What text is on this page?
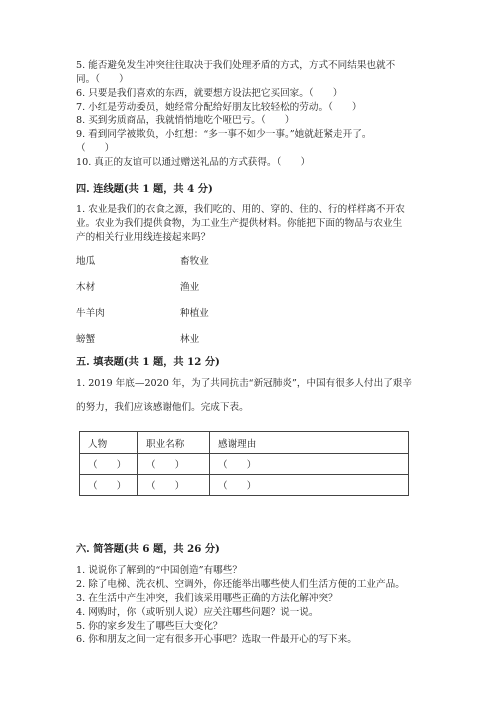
5. 能否避免发生冲突往往取决于我们处理矛盾的方式，方式不同结果也就不
同。（　　）
6. 只要是我们喜欢的东西，就要想方设法把它买回家。（　　）
7. 小红是劳动委员，她经常分配给好朋友比较轻松的劳动。（　　）
8. 买到劣质商品，我就悄悄地吃个哑巴亏。（　　）
9. 看到同学被欺负，小红想：“多一事不如少一事。”她就赶紧走开了。
（　　）
10. 真正的友谊可以通过赠送礼品的方式获得。（　　）
四. 连线题(共 1 题，共 4 分)
1. 农业是我们的衣食之源，我们吃的、用的、穿的、住的、行的样样离不开农
业。农业为我们提供食物，为工业生产提供材料。你能把下面的物品与农业生
产的相关行业用线连接起来吗？
地瓜
木材
牛羊肉
螃蟹
畜牧业
渔业
种植业
林业
五. 填表题(共 1 题，共 12 分)
1. 2019 年底—2020 年，为了共同抗击“新冠肺炎”，中国有很多人付出了艰辛
的努力，我们应该感谢他们。完成下表。
人物	职业名称	感谢理由
（　　）	（　　）	（　　）
（　　）	（　　）	（　　）
六. 简答题(共 6 题，共 26 分)
1. 说说你了解到的“中国创造”有哪些？
2. 除了电梯、洗衣机、空调外，你还能举出哪些使人们生活方便的工业产品。
3. 在生活中产生冲突，我们该采用哪些正确的方法化解冲突？
4. 网购时，你（或听别人说）应关注哪些问题？说一说。
5. 你的家乡发生了哪些巨大变化？
6. 你和朋友之间一定有很多开心事吧？选取一件最开心的写下来。
